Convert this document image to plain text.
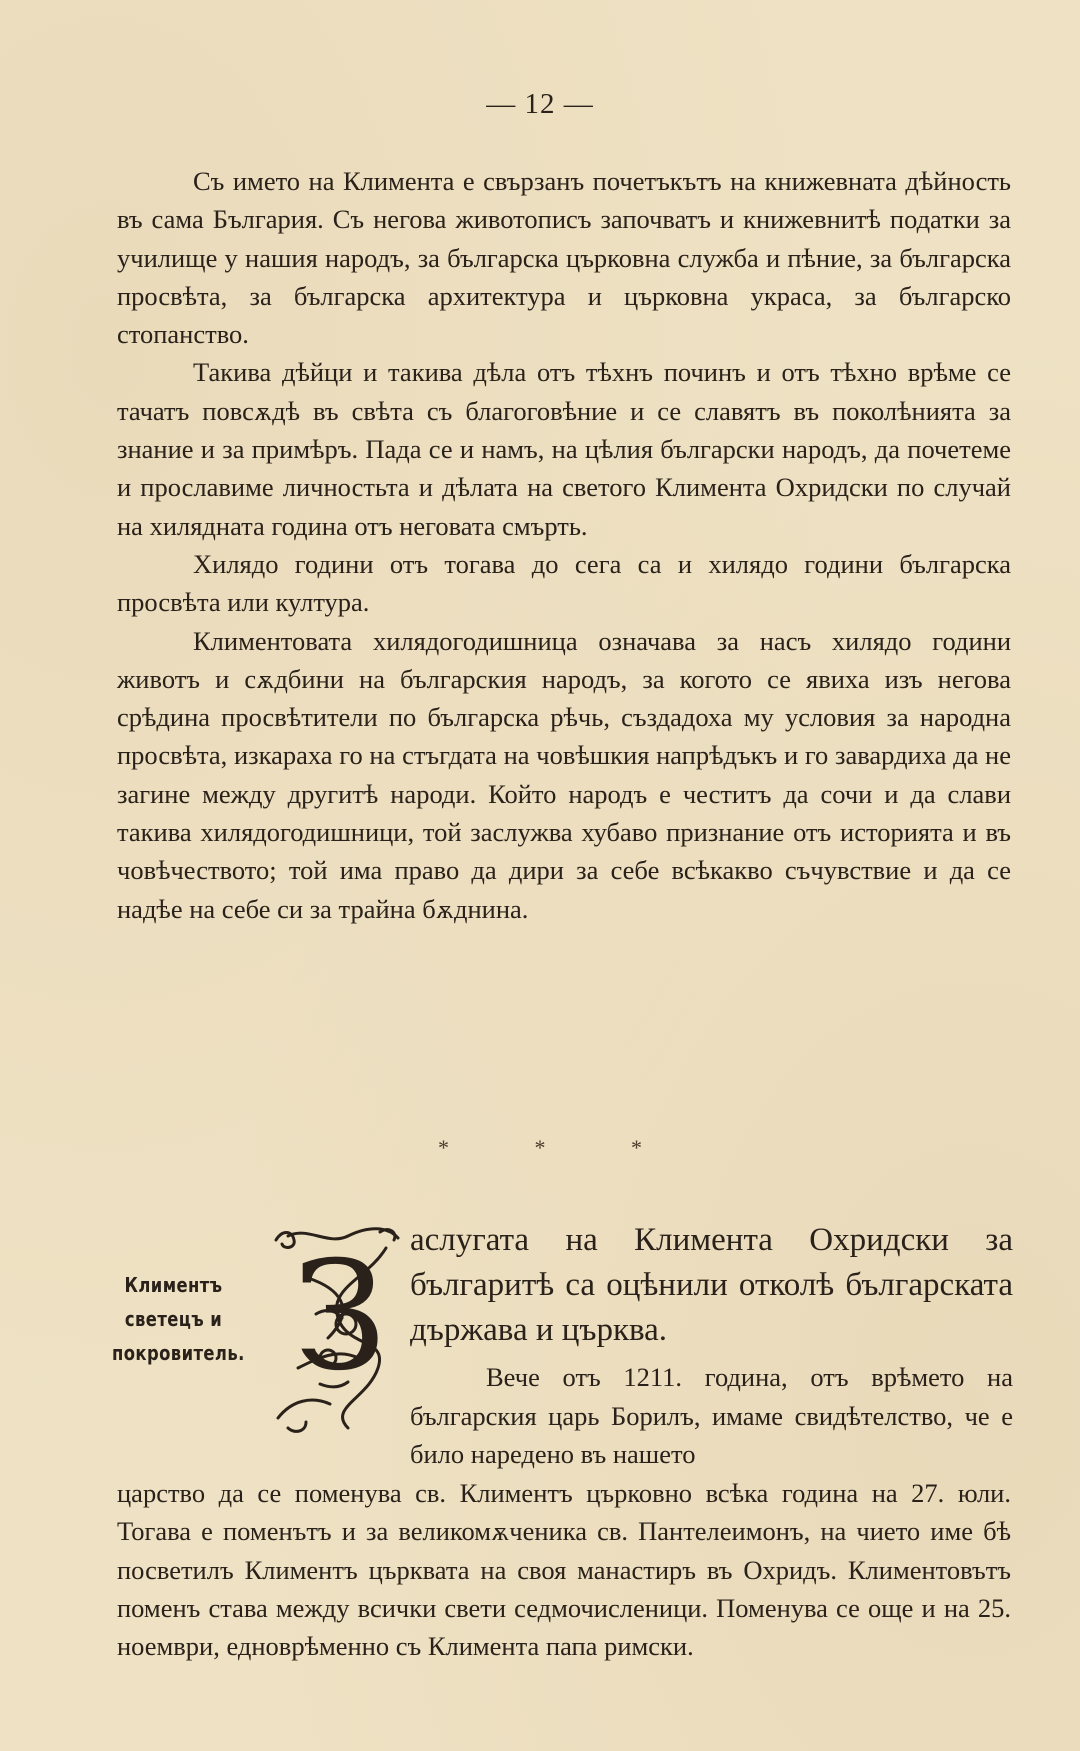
— 12 —

Съ името на Климента е свързанъ почетъкътъ на книжевната дѣйность въ сама България. Съ негова животописъ започватъ и книжевнитѣ податки за училище у нашия народъ, за българска църковна служба и пѣние, за българска просвѣта, за българска архитектура и църковна украса, за българско стопанство.

Такива дѣйци и такива дѣла отъ тѣхнъ починъ и отъ тѣхно врѣме се тачатъ повсѫдѣ въ свѣта съ благоговѣние и се славятъ въ поколѣнията за знание и за примѣръ. Пада се и намъ, на цѣлия български народъ, да почетеме и прославиме личностьта и дѣлата на светого Климента Охридски по случай на хилядната година отъ неговата смърть.

Хилядо години отъ тогава до сега са и хилядо години българска просвѣта или култура.

Климентовата хилядогодишница означава за насъ хилядо години животъ и сѫдбини на българския народъ, за когото се явиха изъ негова срѣдина просвѣтители по българска рѣчь, създадоха му условия за народна просвѣта, изкараха го на стъгдата на човѣшкия напрѣдъкъ и го завардиха да не загине между другитѣ народи. Който народъ е честитъ да сочи и да слави такива хилядогодишници, той заслужва хубаво признание отъ историята и въ човѣчеството; той има право да дири за себе всѣкакво съчувствие и да се надѣе на себе си за трайна бѫднина.

* * *
Климентъ
светецъ и
покровитель. З аслугата на Климента Охридски за българитѣ са оцѣнили отколѣ българската държава и църква.

Вече отъ 1211. година, отъ врѣмето на българския царь Борилъ, имаме свидѣтелство, че е било наредено въ нашето

царство да се поменува св. Климентъ църковно всѣка година на 27. юли. Тогава е поменътъ и за великомѫченика св. Пантелеимонъ, на чието име бѣ посветилъ Климентъ църквата на своя манастиръ въ Охридъ. Климентовътъ поменъ става между всички свети седмочисленици. Поменува се още и на 25. ноември, едноврѣменно съ Климента папа римски.
